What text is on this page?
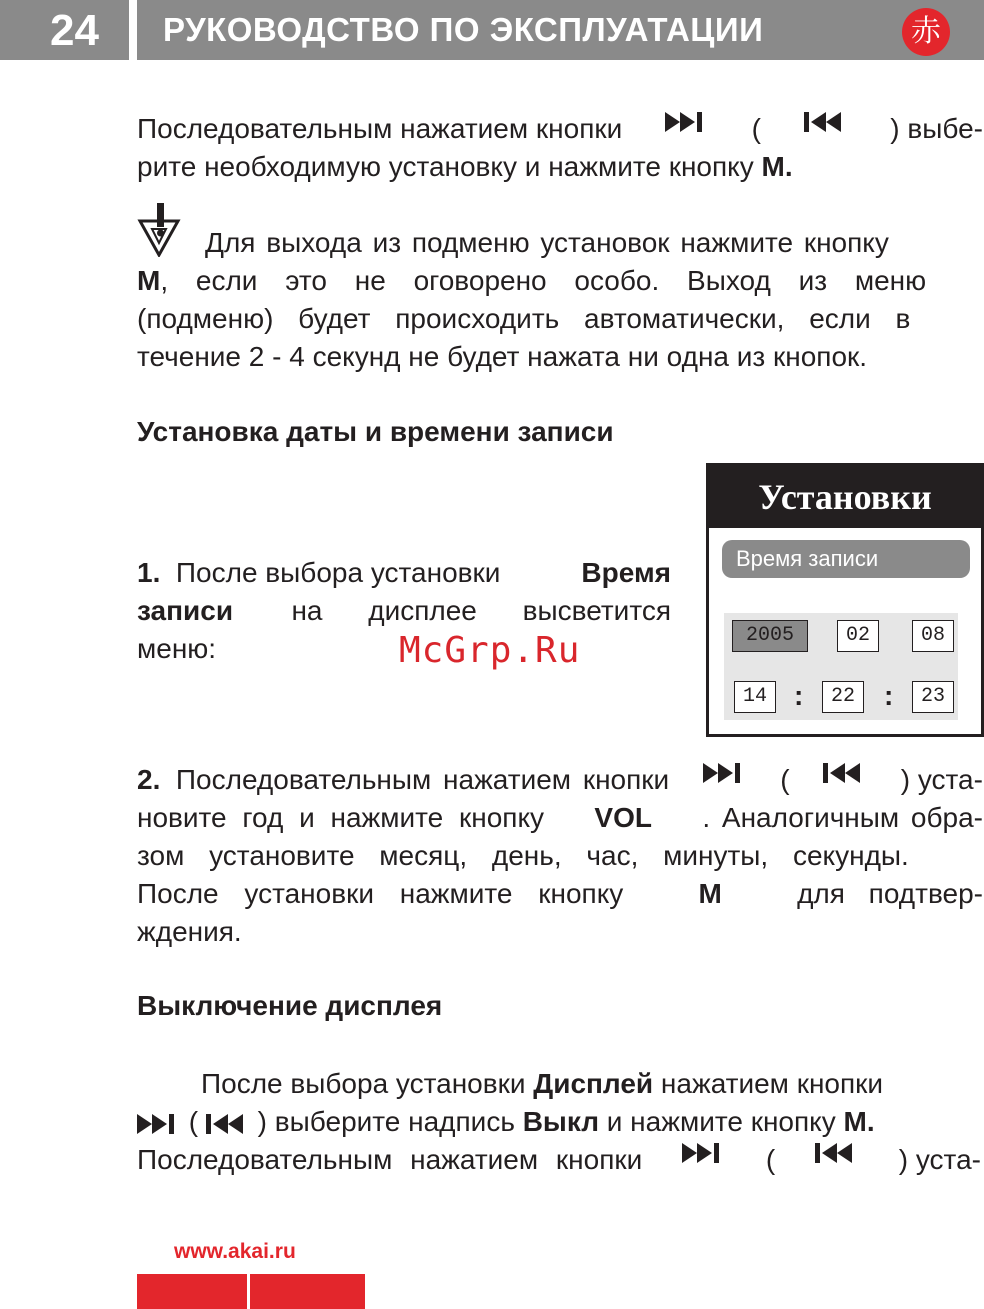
24 РУКОВОДСТВО ПО ЭКСПЛУАТАЦИИ	赤
Последовательным нажатием кнопки	(	) выбе-
рите необходимую установку и нажмите кнопку M.
Для выхода из подменю установок нажмите кнопку
M, если это не оговорено особо. Выход из меню
(подменю) будет происходить автоматически, если в
течение 2 - 4 секунд не будет нажата ни одна из кнопок.
Установка даты и времени записи
1. После выбора установки	Время
записи на дисплее высветится
меню:
Установки
Время записи
2005	02	08
14 :	22	:	23
McGrp.Ru
2. Последовательным нажатием кнопки	(	) уста-
новите год и нажмите кнопку VOL . Аналогичным обра-
зом установите месяц, день, час, минуты, секунды.
После установки нажмите кнопку	M	для подтвер-
ждения.
Выключение дисплея
После выбора установки Дисплей нажатием кнопки
( ) выберите надпись Выкл и нажмите кнопку M.
Последовательным нажатием кнопки	(	) уста-
www.akai.ru
